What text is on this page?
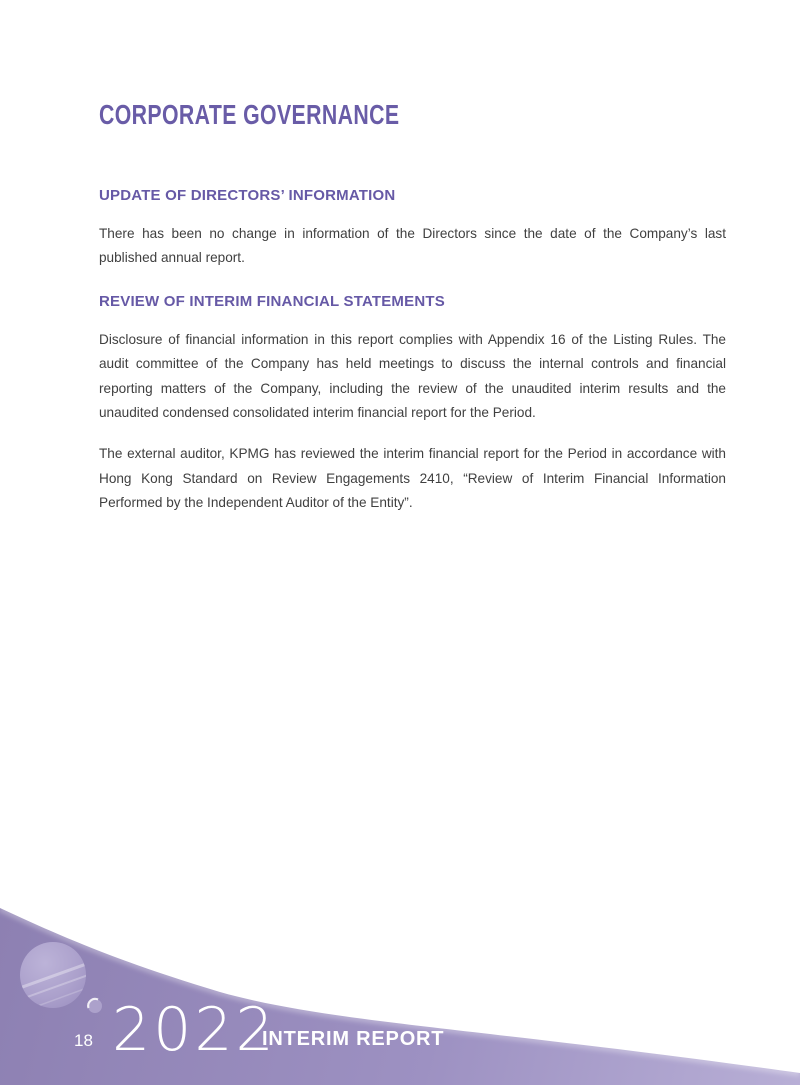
CORPORATE GOVERNANCE
UPDATE OF DIRECTORS’ INFORMATION

There has been no change in information of the Directors since the date of the Company’s last published annual report.

REVIEW OF INTERIM FINANCIAL STATEMENTS

Disclosure of financial information in this report complies with Appendix 16 of the Listing Rules. The audit committee of the Company has held meetings to discuss the internal controls and financial reporting matters of the Company, including the review of the unaudited interim results and the unaudited condensed consolidated interim financial report for the Period.

The external auditor, KPMG has reviewed the interim financial report for the Period in accordance with Hong Kong Standard on Review Engagements 2410, “Review of Interim Financial Information Performed by the Independent Auditor of the Entity”.

18 2022
INTERIM REPORT
